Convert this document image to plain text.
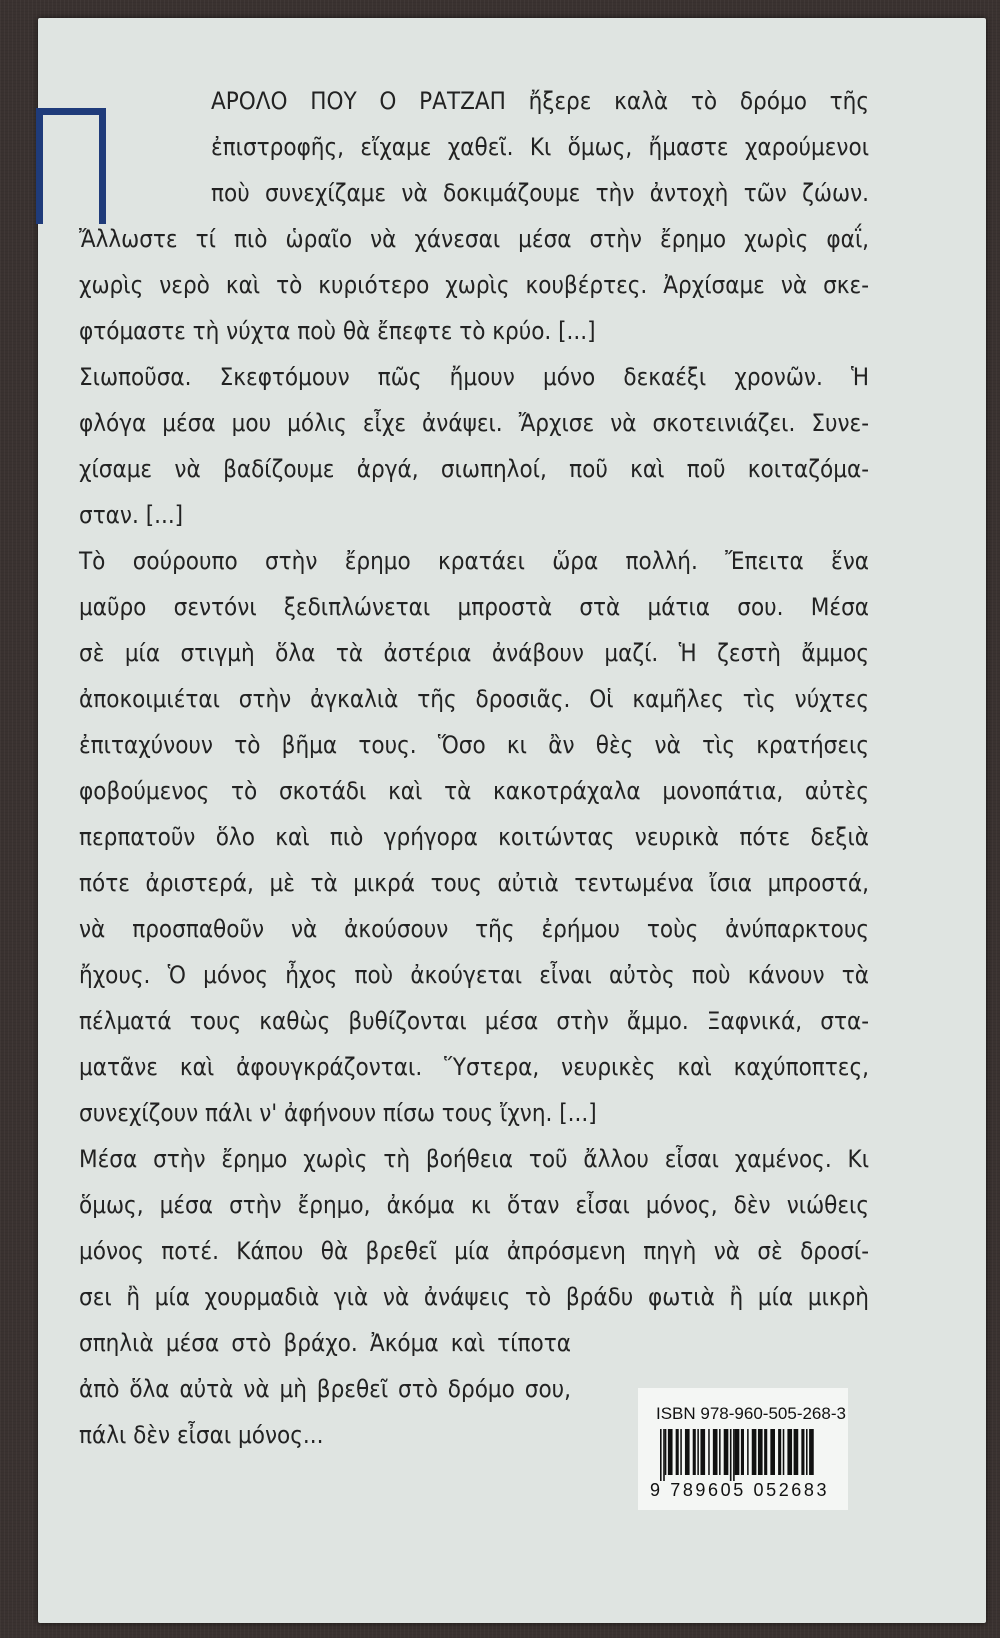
ΑΡΟΛΟ ΠΟΥ Ο ΡΑΤΖΑΠ ἤξερε καλὰ τὸ δρόμο τῆς
ἐπιστροφῆς, εἴχαμε χαθεῖ. Κι ὅμως, ἤμαστε χαρούμενοι
ποὺ συνεχίζαμε νὰ δοκιμάζουμε τὴν ἀντοχὴ τῶν ζώων.
Ἄλλωστε τί πιὸ ὡραῖο νὰ χάνεσαι μέσα στὴν ἔρημο χωρὶς φαΐ,
χωρὶς νερὸ καὶ τὸ κυριότερο χωρὶς κουβέρτες. Ἀρχίσαμε νὰ σκε-
φτόμαστε τὴ νύχτα ποὺ θὰ ἔπεφτε τὸ κρύο. [...]
Σιωποῦσα. Σκεφτόμουν πῶς ἤμουν μόνο δεκαέξι χρονῶν. Ἡ
φλόγα μέσα μου μόλις εἶχε ἀνάψει. Ἄρχισε νὰ σκοτεινιάζει. Συνε-
χίσαμε νὰ βαδίζουμε ἀργά, σιωπηλοί, ποῦ καὶ ποῦ κοιταζόμα-
σταν. [...]
Τὸ σούρουπο στὴν ἔρημο κρατάει ὥρα πολλή. Ἔπειτα ἕνα
μαῦρο σεντόνι ξεδιπλώνεται μπροστὰ στὰ μάτια σου. Μέσα
σὲ μία στιγμὴ ὅλα τὰ ἀστέρια ἀνάβουν μαζί. Ἡ ζεστὴ ἄμμος
ἀποκοιμιέται στὴν ἀγκαλιὰ τῆς δροσιᾶς. Οἱ καμῆλες τὶς νύχτες
ἐπιταχύνουν τὸ βῆμα τους. Ὅσο κι ἂν θὲς νὰ τὶς κρατήσεις
φοβούμενος τὸ σκοτάδι καὶ τὰ κακοτράχαλα μονοπάτια, αὐτὲς
περπατοῦν ὅλο καὶ πιὸ γρήγορα κοιτώντας νευρικὰ πότε δεξιὰ
πότε ἀριστερά, μὲ τὰ μικρά τους αὐτιὰ τεντωμένα ἴσια μπροστά,
νὰ προσπαθοῦν νὰ ἀκούσουν τῆς ἐρήμου τοὺς ἀνύπαρκτους
ἤχους. Ὁ μόνος ἦχος ποὺ ἀκούγεται εἶναι αὐτὸς ποὺ κάνουν τὰ
πέλματά τους καθὼς βυθίζονται μέσα στὴν ἄμμο. Ξαφνικά, στα-
ματᾶνε καὶ ἀφουγκράζονται. Ὕστερα, νευρικὲς καὶ καχύποπτες,
συνεχίζουν πάλι ν' ἀφήνουν πίσω τους ἴχνη. [...]
Μέσα στὴν ἔρημο χωρὶς τὴ βοήθεια τοῦ ἄλλου εἶσαι χαμένος. Κι
ὅμως, μέσα στὴν ἔρημο, ἀκόμα κι ὅταν εἶσαι μόνος, δὲν νιώθεις
μόνος ποτέ. Κάπου θὰ βρεθεῖ μία ἀπρόσμενη πηγὴ νὰ σὲ δροσί-
σει ἢ μία χουρμαδιὰ γιὰ νὰ ἀνάψεις τὸ βράδυ φωτιὰ ἢ μία μικρὴ
σπηλιὰ μέσα στὸ βράχο. Ἀκόμα καὶ τίποτα
ἀπὸ ὅλα αὐτὰ νὰ μὴ βρεθεῖ στὸ δρόμο σου,
πάλι δὲν εἶσαι μόνος...
ISBN 978-960-505-268-3
9 789605 052683
